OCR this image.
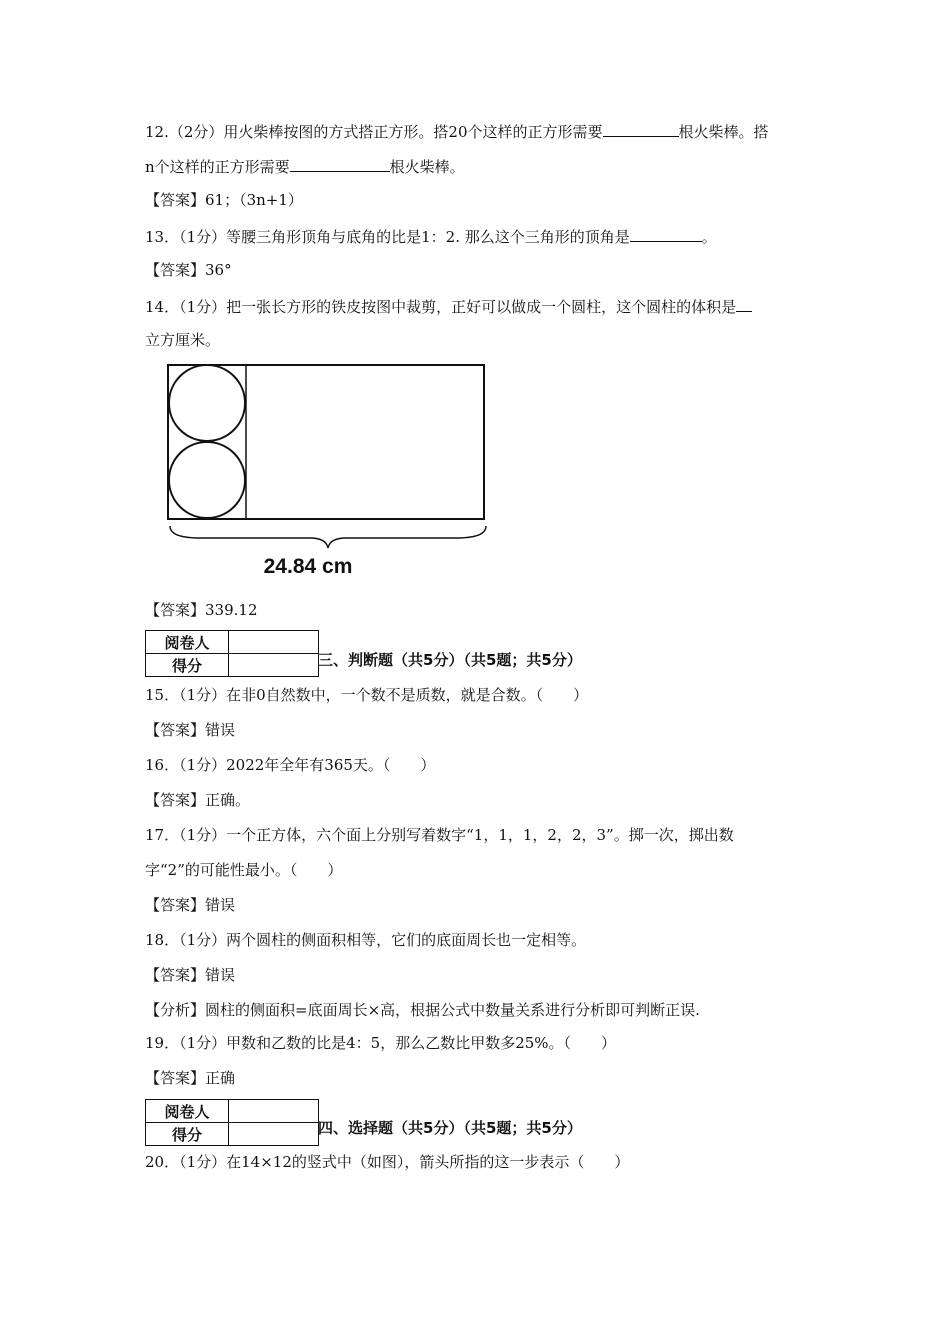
12.（2分）用火柴棒按图的方式搭正方形。搭20个这样的正方形需要	根火柴棒。搭
n个这样的正方形需要	根火柴棒。
【答案】61；（3n+1）
13．（1分）等腰三角形顶角与底角的比是1：2. 那么这个三角形的顶角是	。
【答案】36°
14．（1分）把一张长方形的铁皮按图中裁剪，正好可以做成一个圆柱，这个圆柱的体积是
立方厘米。
24.84 cm
【答案】339.12
阅卷人	
得分		三、判断题（共5分）（共5题；共5分）
15．（1分）在非0自然数中，一个数不是质数，就是合数。（　　）
【答案】错误
16．（1分）2022年全年有365天。（　　）
【答案】正确。
17．（1分）一个正方体，六个面上分别写着数字“1，1，1，2，2，3”。掷一次，掷出数
字“2”的可能性最小。（　　）
【答案】错误
18．（1分）两个圆柱的侧面积相等，它们的底面周长也一定相等。
【答案】错误
【分析】圆柱的侧面积=底面周长×高，根据公式中数量关系进行分析即可判断正误.
19．（1分）甲数和乙数的比是4：5，那么乙数比甲数多25%。（　　）
【答案】正确
阅卷人	
得分		四、选择题（共5分）（共5题；共5分）
20．（1分）在14×12的竖式中（如图），箭头所指的这一步表示（　　）
